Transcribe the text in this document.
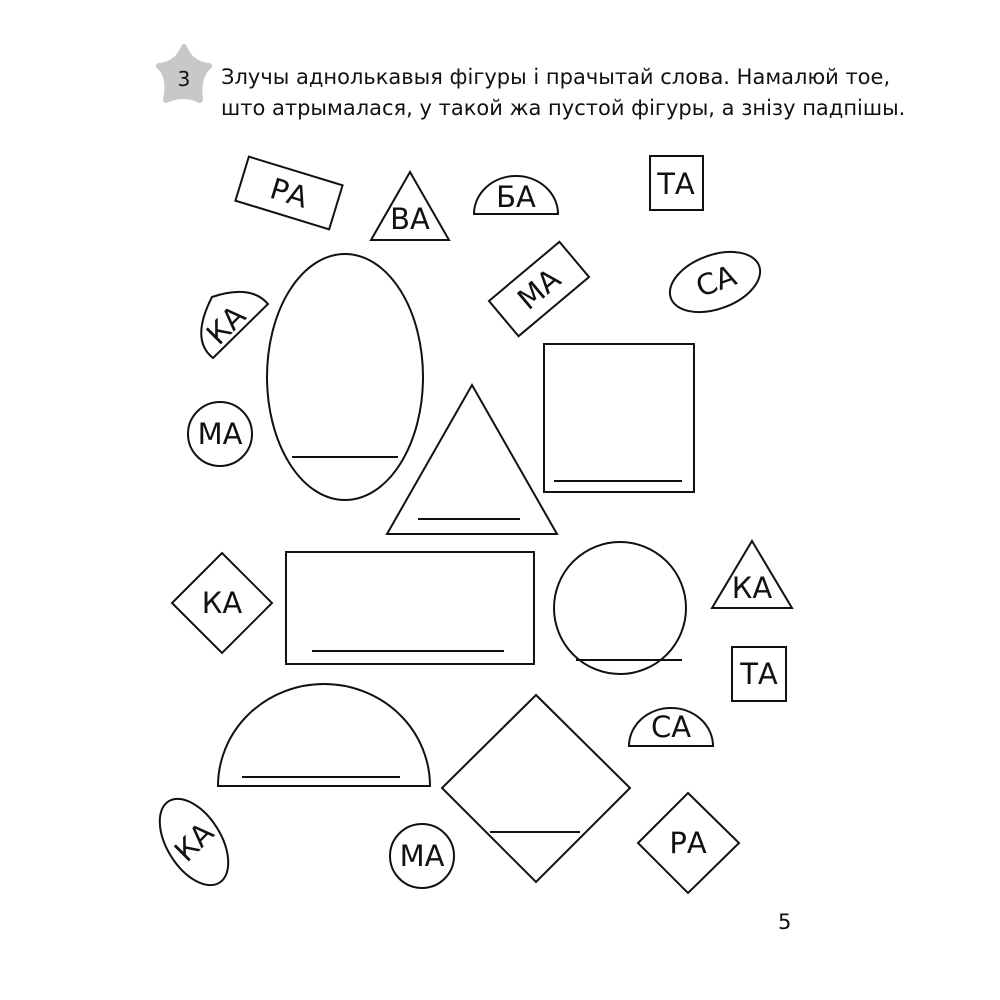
3
РА
ВА
БА	ТА
КА
МА	СА
МА
КА	КА
ТА
СА
КА	МА	РА
Злучы аднолькавыя фігуры і прачытай слова. Намалюй тое,
што атрымалася, у такой жа пустой фігуры, а знізу падпішы.
5
